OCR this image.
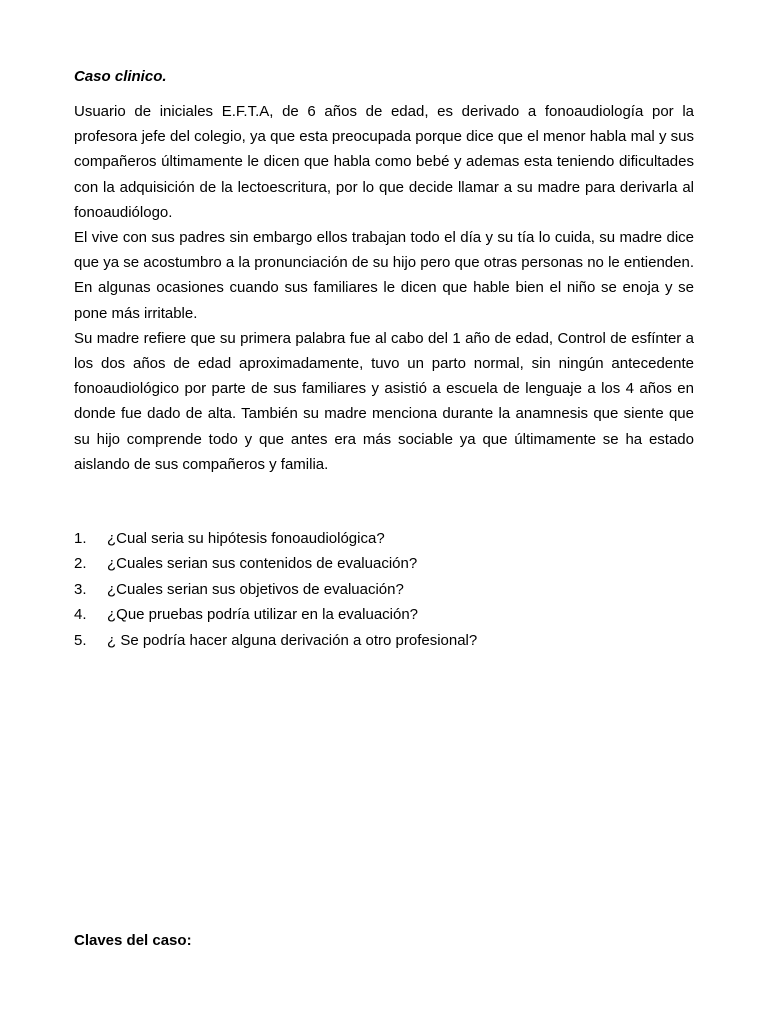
Caso clinico.

Usuario de iniciales E.F.T.A, de 6 años de edad, es derivado a fonoaudiología por la profesora jefe del colegio, ya que esta preocupada porque dice que el menor habla mal y sus compañeros últimamente le dicen que habla como bebé y ademas esta teniendo dificultades con la adquisición de la lectoescritura, por lo que decide llamar a su madre para derivarla al fonoaudiólogo.

El vive con sus padres sin embargo ellos trabajan todo el día y su tía lo cuida, su madre dice que ya se acostumbro a la pronunciación de su hijo pero que otras personas no le entienden. En algunas ocasiones cuando sus familiares le dicen que hable bien el niño se enoja y se pone más irritable.

Su madre refiere que su primera palabra fue al cabo del 1 año de edad, Control de esfínter a los dos años de edad aproximadamente, tuvo un parto normal, sin ningún antecedente fonoaudiológico por parte de sus familiares y asistió a escuela de lenguaje a los 4 años en donde fue dado de alta. También su madre menciona durante la anamnesis que siente que su hijo comprende todo y que antes era más sociable ya que últimamente se ha estado aislando de sus compañeros y familia.

1. ¿Cual seria su hipótesis fonoaudiológica?
2. ¿Cuales serian sus contenidos de evaluación?
3. ¿Cuales serian sus objetivos de evaluación?
4. ¿Que pruebas podría utilizar en la evaluación?
5. ¿ Se podría hacer alguna derivación a otro profesional?
Claves del caso:
